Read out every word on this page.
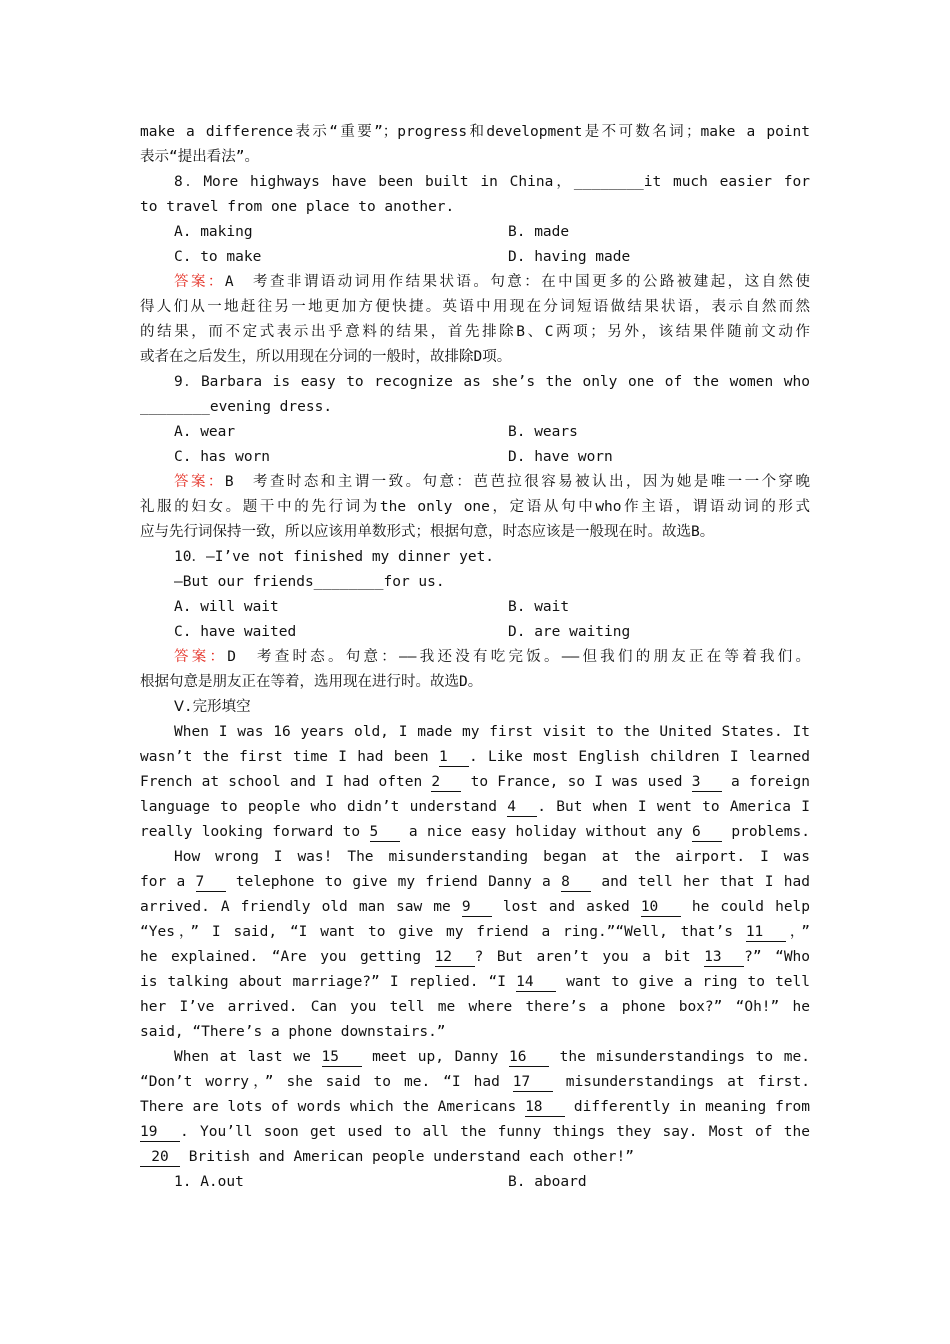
make a difference表示“重要”；progress和development是不可数名词；make a point
表示“提出看法”。
8．More highways have been built in China，________it much easier for
to travel from one place to another.
A. making	B. made
C. to make	D. having made
答案：A　考查非谓语动词用作结果状语。句意：在中国更多的公路被建起，这自然使
得人们从一地赶往另一地更加方便快捷。英语中用现在分词短语做结果状语，表示自然而然
的结果，而不定式表示出乎意料的结果，首先排除B、C两项；另外，该结果伴随前文动作
或者在之后发生，所以用现在分词的一般时，故排除D项。
9．Barbara is easy to recognize as she’s the only one of the women who
________evening dress.
A. wear	B. wears
C. has worn	D. have worn
答案：B　考查时态和主谓一致。句意：芭芭拉很容易被认出，因为她是唯一一个穿晚
礼服的妇女。题干中的先行词为the only one，定语从句中who作主语，谓语动词的形式
应与先行词保持一致，所以应该用单数形式；根据句意，时态应该是一般现在时。故选B。
10．—I’ve not finished my dinner yet.
—But our friends________for us.
A. will wait	B. wait
C. have waited	D. are waiting
答案：D　考查时态。句意：——我还没有吃完饭。——但我们的朋友正在等着我们。
根据句意是朋友正在等着，选用现在进行时。故选D。
Ⅴ.完形填空
When I was 16 years old, I made my first visit to the United States. It
wasn’t the first time I had been 1 . Like most English children I learned
French at school and I had often 2 to France, so I was used 3 a foreign
language to people who didn’t understand 4 . But when I went to America I
really looking forward to 5 a nice easy holiday without any 6 problems.
How wrong I was! The misunderstanding began at the airport. I was
for a 7 telephone to give my friend Danny a 8 and tell her that I had
arrived. A friendly old man saw me 9 lost and asked 10 he could help
“Yes，” I said, “I want to give my friend a ring.”“Well, that’s 11 ，”
he explained. “Are you getting 12 ? But aren’t you a bit 13 ?” “Who
is talking about marriage?” I replied. “I 14 want to give a ring to tell
her I’ve arrived. Can you tell me where there’s a phone box?” “Oh!” he
said, “There’s a phone downstairs.”
When at last we 15 meet up, Danny 16 the misunderstandings to me.
“Don’t worry，” she said to me. “I had 17 misunderstandings at first.
There are lots of words which the Americans 18 differently in meaning from
19 . You’ll soon get used to all the funny things they say. Most of the
20 British and American people understand each other!”
1. A.out	B. aboard
